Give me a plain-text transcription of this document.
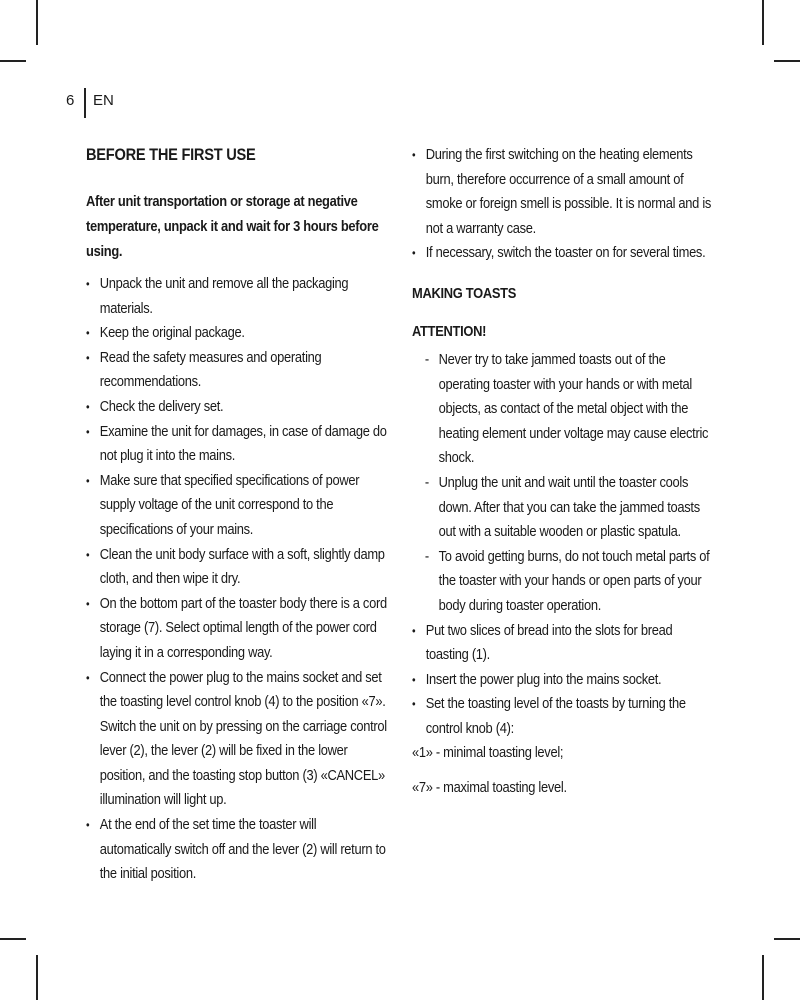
6 EN
BEFORE THE FIRST USE

After unit transportation or storage at negative temperature, unpack it and wait for 3 hours before using.

• Unpack the unit and remove all the packaging materials.
• Keep the original package.
• Read the safety measures and operating recommendations.
• Check the delivery set.
• Examine the unit for damages, in case of damage do not plug it into the mains.
• Make sure that specified specifications of power supply voltage of the unit correspond to the specifications of your mains.
• Clean the unit body surface with a soft, slightly damp cloth, and then wipe it dry.
• On the bottom part of the toaster body there is a cord storage (7). Select optimal length of the power cord laying it in a corresponding way.
• Connect the power plug to the mains socket and set the toasting level control knob (4) to the position «7». Switch the unit on by pressing on the carriage control lever (2), the lever (2) will be fixed in the lower position, and the toasting stop button (3) «CANCEL» illumination will light up.
• At the end of the set time the toaster will automatically switch off and the lever (2) will return to the initial position.
• During the first switching on the heating elements burn, therefore occurrence of a small amount of smoke or foreign smell is possible. It is normal and is not a warranty case.
• If necessary, switch the toaster on for several times.
MAKING TOASTS
ATTENTION!
- Never try to take jammed toasts out of the operating toaster with your hands or with metal objects, as contact of the metal object with the heating element under voltage may cause electric shock.
- Unplug the unit and wait until the toaster cools down. After that you can take the jammed toasts out with a suitable wooden or plastic spatula.
- To avoid getting burns, do not touch metal parts of the toaster with your hands or open parts of your body during toaster operation.
• Put two slices of bread into the slots for bread toasting (1).
• Insert the power plug into the mains socket.
• Set the toasting level of the toasts by turning the control knob (4):

«1» - minimal toasting level;

«7» - maximal toasting level.
